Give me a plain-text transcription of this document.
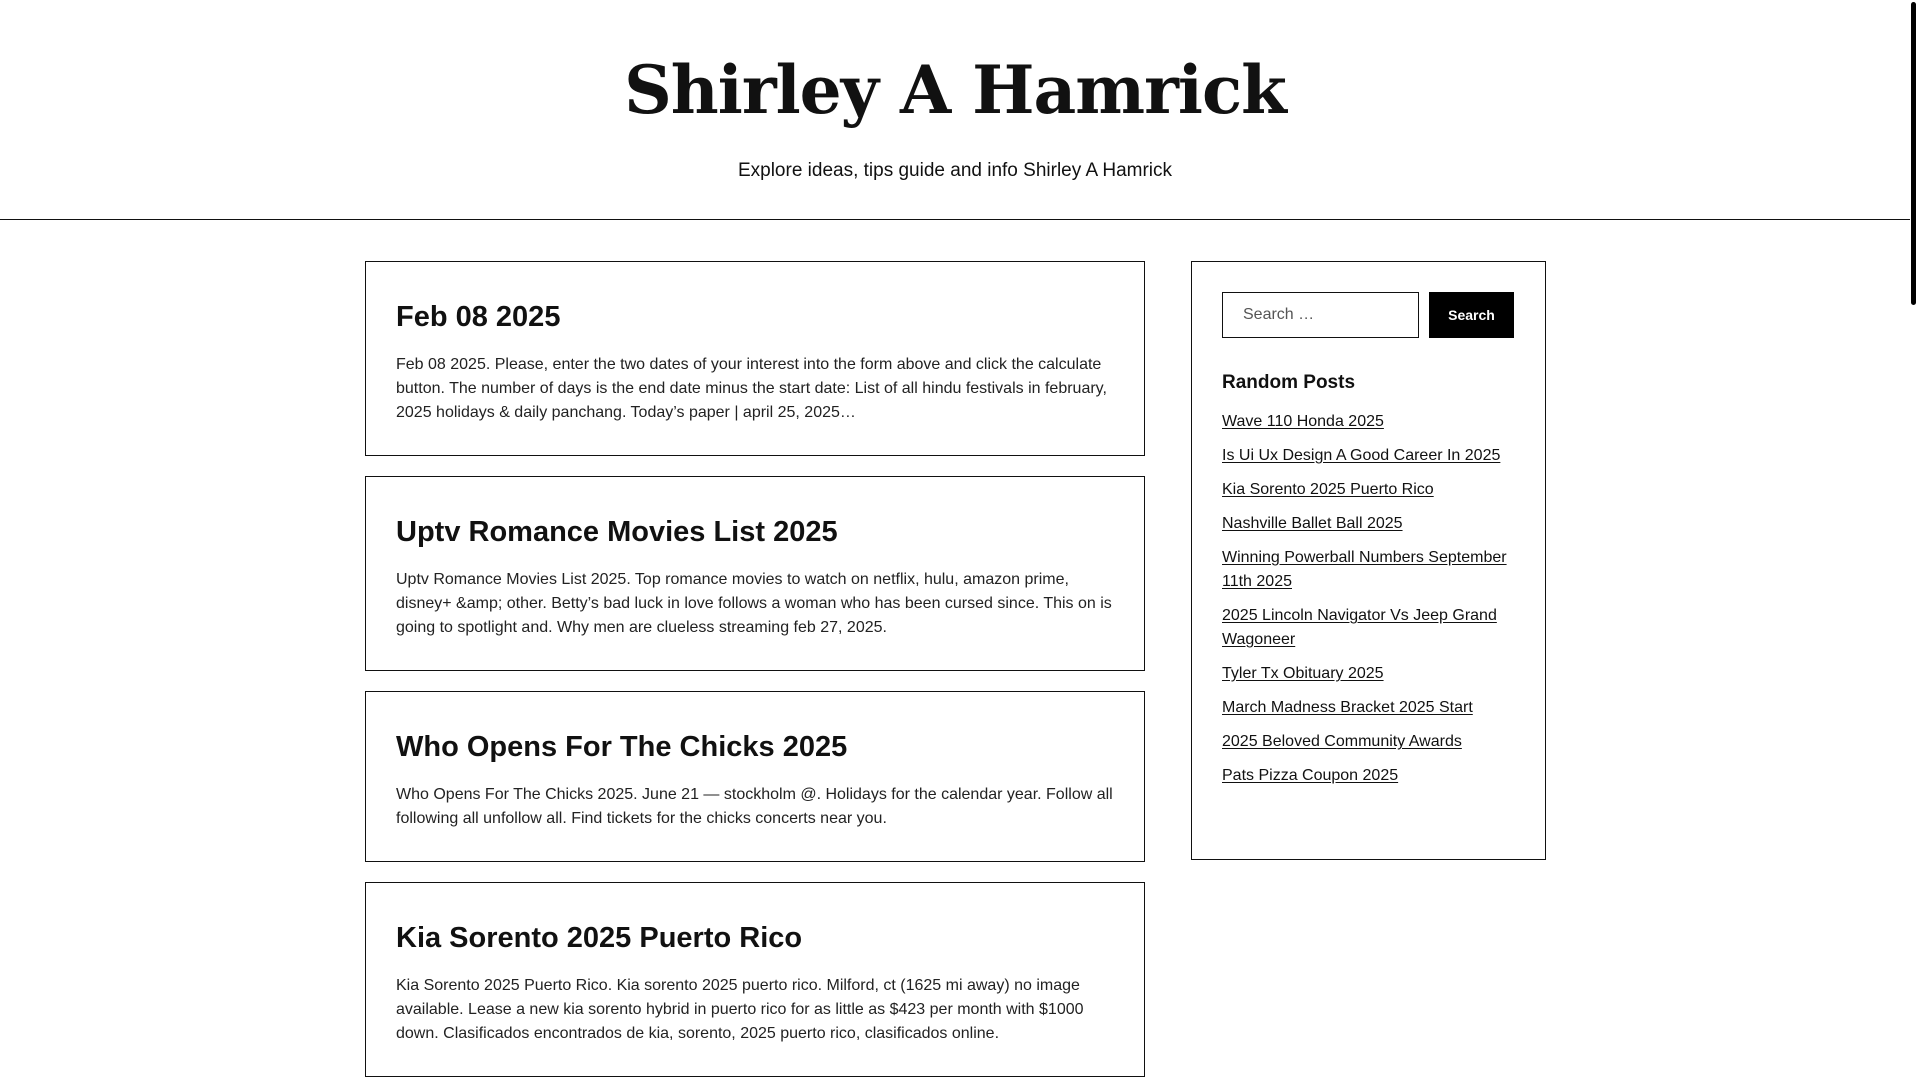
Shirley A Hamrick

Explore ideas, tips guide and info Shirley A Hamrick

Feb 08 2025

Feb 08 2025. Please, enter the two dates of your interest into the form above and click the calculate button. The number of days is the end date minus the start date: List of all hindu festivals in february, 2025 holidays & daily panchang. Today’s paper | april 25, 2025…

Uptv Romance Movies List 2025

Uptv Romance Movies List 2025. Top romance movies to watch on netflix, hulu, amazon prime, disney+ &amp; other. Betty’s bad luck in love follows a woman who has been cursed since. This on is going to spotlight and. Why men are clueless streaming feb 27, 2025.

Who Opens For The Chicks 2025

Who Opens For The Chicks 2025. June 21 — stockholm @. Holidays for the calendar year. Follow all following all unfollow all. Find tickets for the chicks concerts near you.

Kia Sorento 2025 Puerto Rico

Kia Sorento 2025 Puerto Rico. Kia sorento 2025 puerto rico. Milford, ct (1625 mi away) no image available. Lease a new kia sorento hybrid in puerto rico for as little as $423 per month with $1000 down. Clasificados encontrados de kia, sorento, 2025 puerto rico, clasificados online.

Search …
Search
Random Posts
Wave 110 Honda 2025
Is Ui Ux Design A Good Career In 2025
Kia Sorento 2025 Puerto Rico
Nashville Ballet Ball 2025
Winning Powerball Numbers September 11th 2025
2025 Lincoln Navigator Vs Jeep Grand Wagoneer
Tyler Tx Obituary 2025
March Madness Bracket 2025 Start
2025 Beloved Community Awards
Pats Pizza Coupon 2025
